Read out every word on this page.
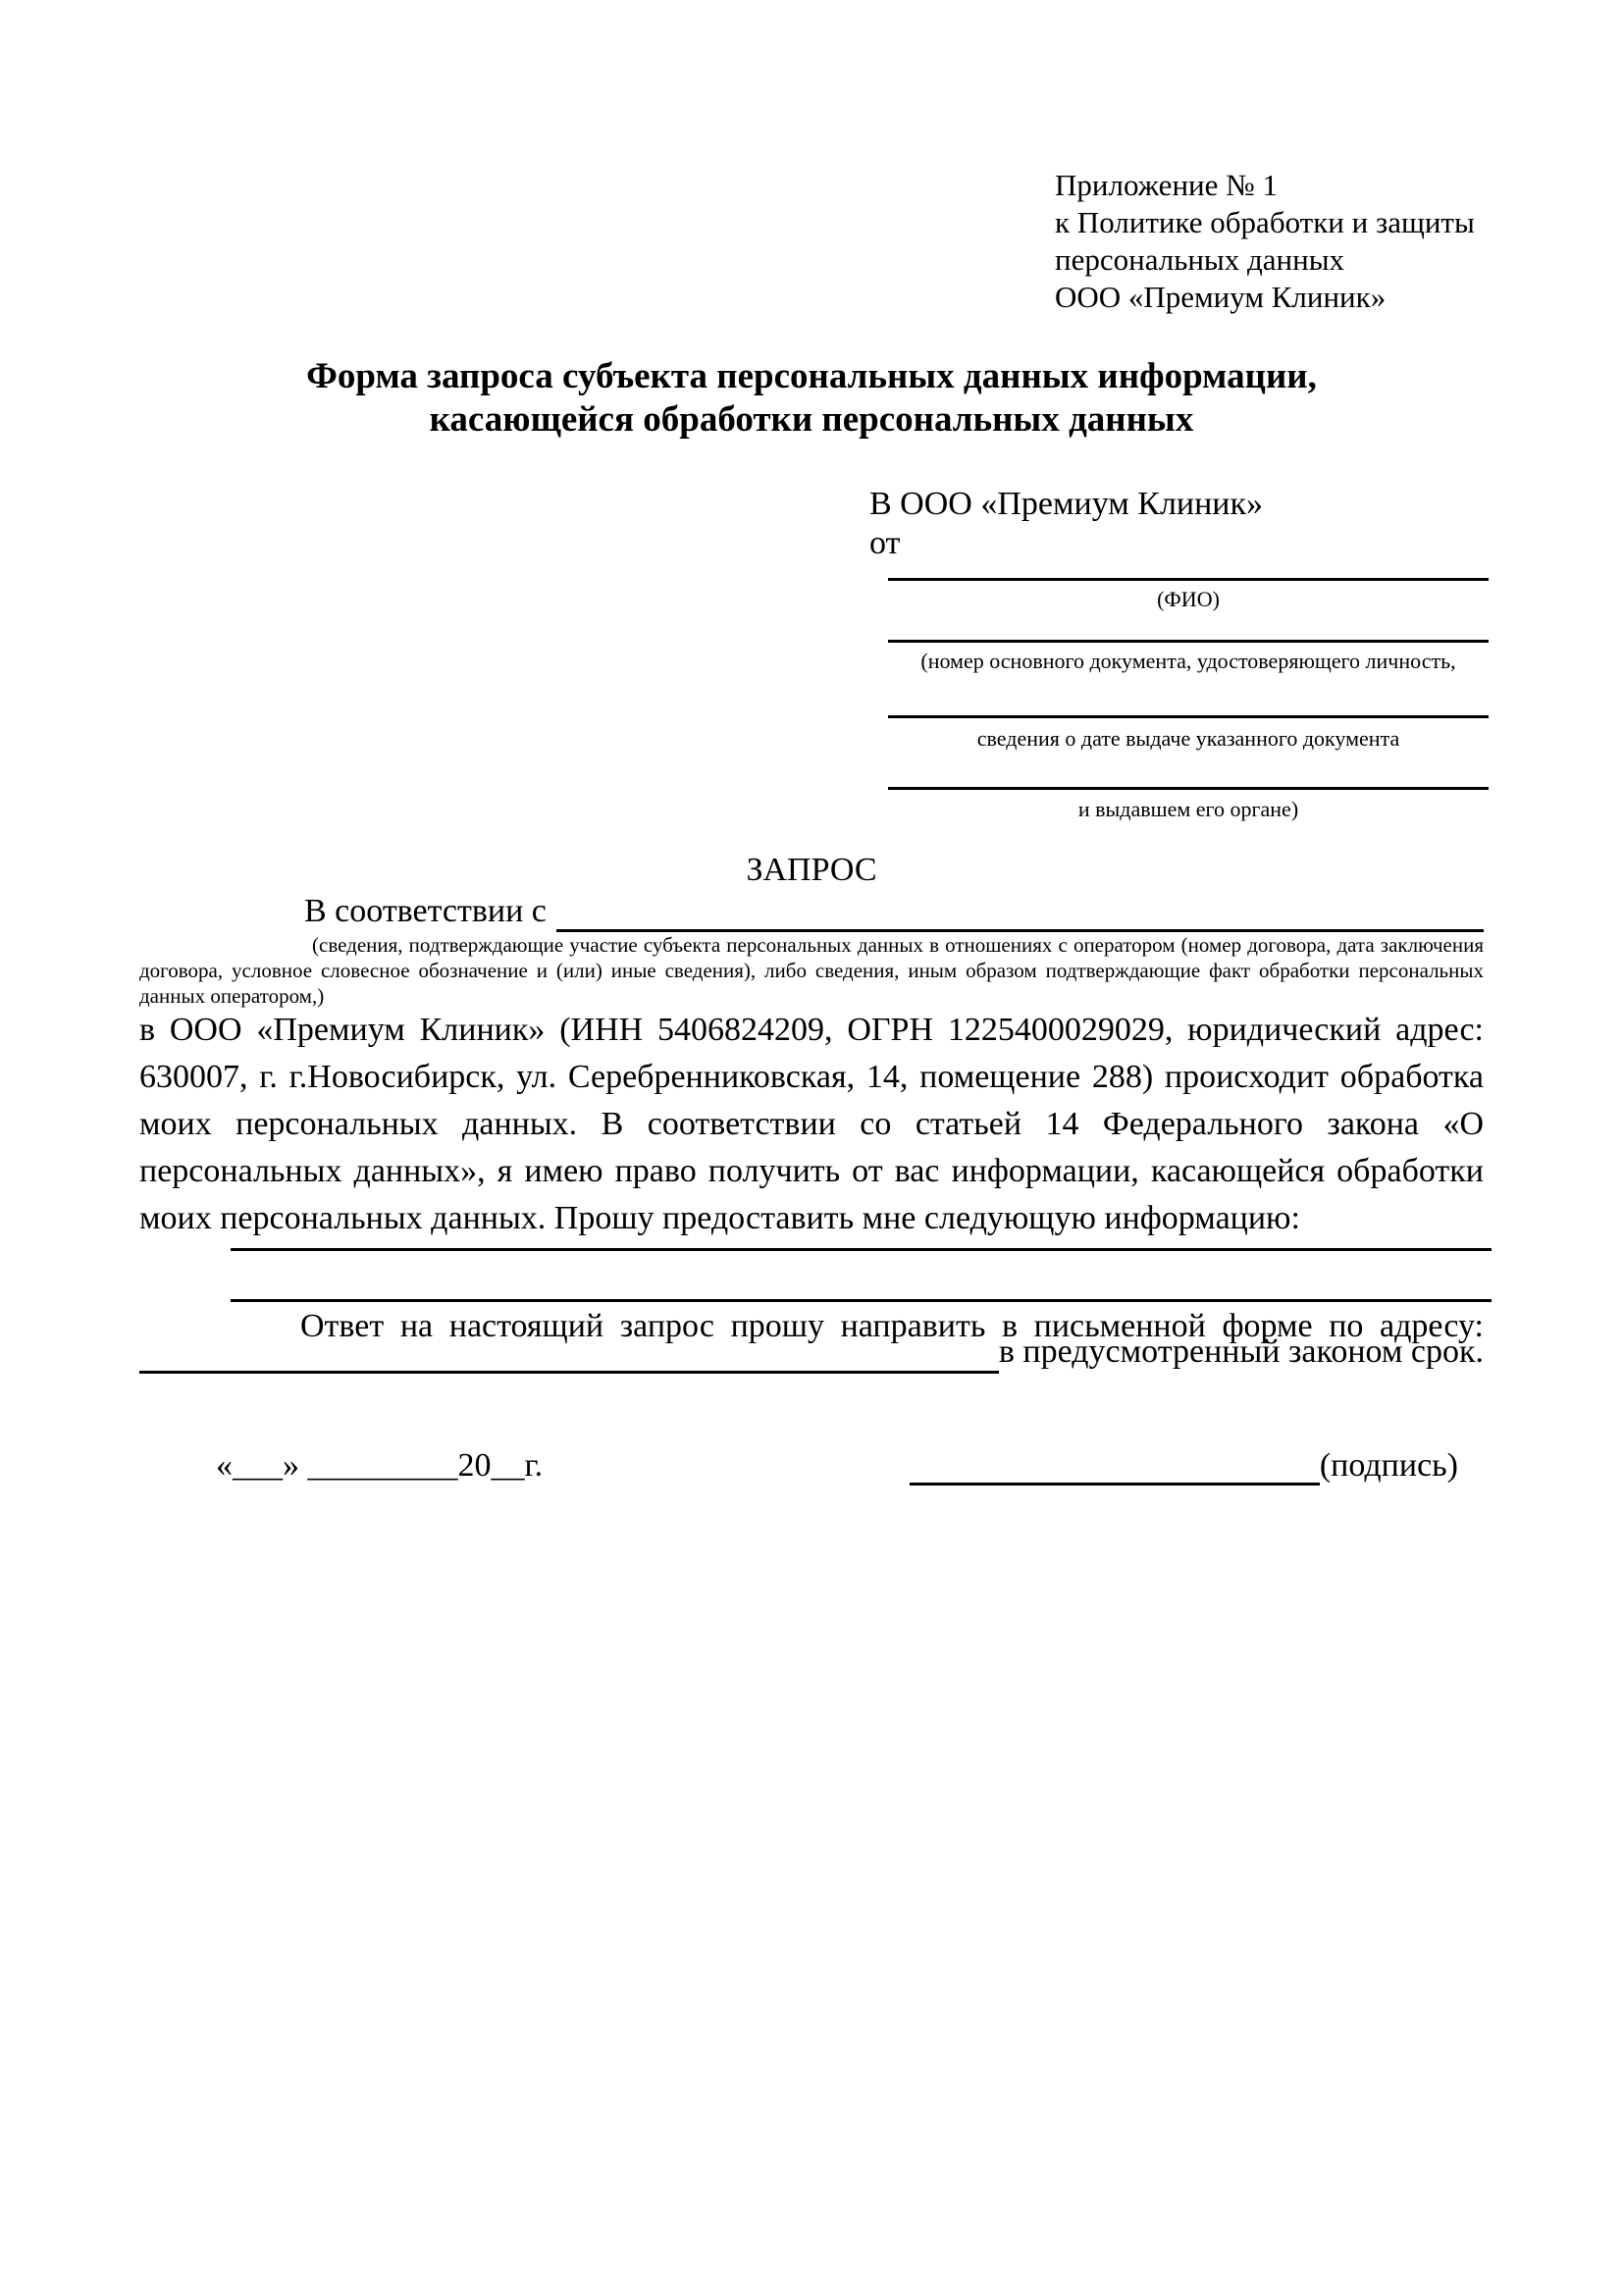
Приложение № 1
к Политике обработки и защиты
персональных данных
ООО «Премиум Клиник»
Форма запроса субъекта персональных данных информации,
касающейся обработки персональных данных
В ООО «Премиум Клиник»
от
(ФИО)
(номер основного документа, удостоверяющего личность,
сведения о дате выдаче указанного документа
и выдавшем его органе)
ЗАПРОС
В соответствии с
(сведения, подтверждающие участие субъекта персональных данных в отношениях с оператором (номер договора, дата заключения договора, условное словесное обозначение и (или) иные сведения), либо сведения, иным образом подтверждающие факт обработки персональных данных оператором,)
в ООО «Премиум Клиник» (ИНН 5406824209, ОГРН 1225400029029, юридический адрес: 630007, г. г.Новосибирск, ул. Серебренниковская, 14, помещение 288) происходит обработка моих персональных данных. В соответствии со статьей 14 Федерального закона «О персональных данных», я имею право получить от вас информации, касающейся обработки моих персональных данных. Прошу предоставить мне следующую информацию:
Ответ на настоящий запрос прошу направить в письменной форме по адресу:
в предусмотренный законом срок.
«___» _________20__г.	(подпись)
